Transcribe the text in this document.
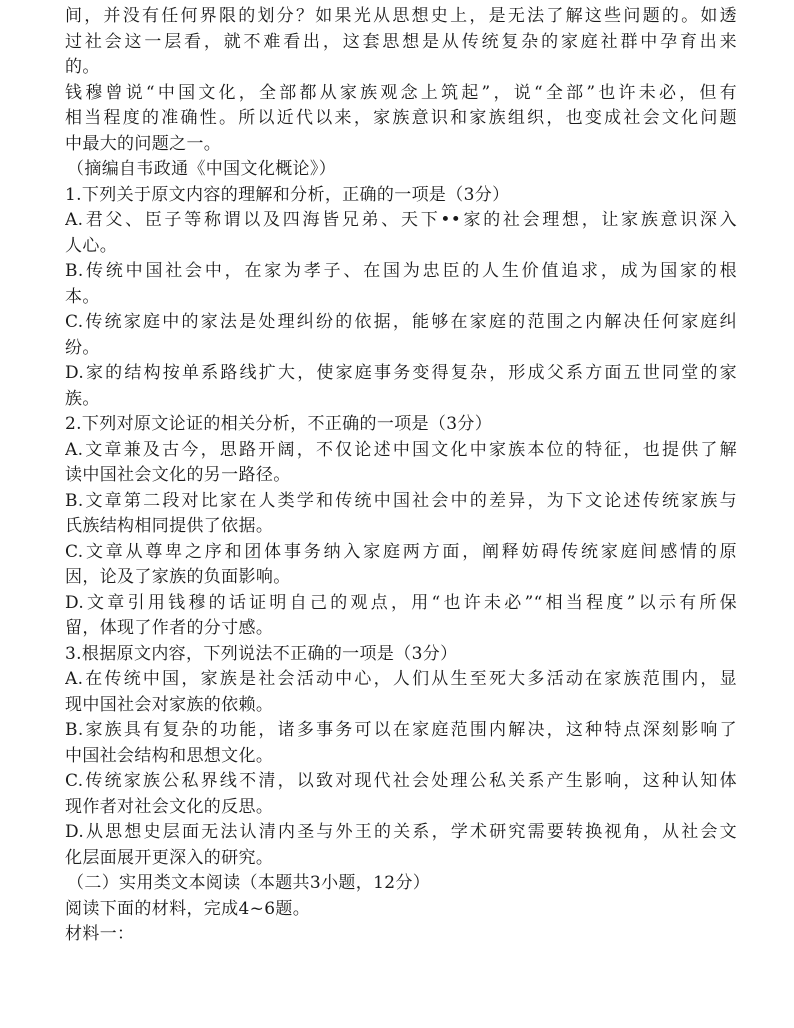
间，并没有任何界限的划分？如果光从思想史上，是无法了解这些问题的。如透
过社会这一层看，就不难看出，这套思想是从传统复杂的家庭社群中孕育出来
的。
钱穆曾说“中国文化，全部都从家族观念上筑起”，说“全部”也许未必，但有
相当程度的准确性。所以近代以来，家族意识和家族组织，也变成社会文化问题
中最大的问题之一。
（摘编自韦政通《中国文化概论》）
1.下列关于原文内容的理解和分析，正确的一项是（3分）
A.君父、臣子等称谓以及四海皆兄弟、天下••家的社会理想，让家族意识深入
人心。
B.传统中国社会中，在家为孝子、在国为忠臣的人生价值追求，成为国家的根
本。
C.传统家庭中的家法是处理纠纷的依据，能够在家庭的范围之内解决任何家庭纠
纷。
D.家的结构按单系路线扩大，使家庭事务变得复杂，形成父系方面五世同堂的家
族。
2.下列对原文论证的相关分析，不正确的一项是（3分）
A.文章兼及古今，思路开阔，不仅论述中国文化中家族本位的特征，也提供了解
读中国社会文化的另一路径。
B.文章第二段对比家在人类学和传统中国社会中的差异，为下文论述传统家族与
氏族结构相同提供了依据。
C.文章从尊卑之序和团体事务纳入家庭两方面，阐释妨碍传统家庭间感情的原
因，论及了家族的负面影响。
D.文章引用钱穆的话证明自己的观点，用“也许未必”“相当程度”以示有所保
留，体现了作者的分寸感。
3.根据原文内容，下列说法不正确的一项是（3分）
A.在传统中国，家族是社会活动中心，人们从生至死大多活动在家族范围内，显
现中国社会对家族的依赖。
B.家族具有复杂的功能，诸多事务可以在家庭范围内解决，这种特点深刻影响了
中国社会结构和思想文化。
C.传统家族公私界线不清，以致对现代社会处理公私关系产生影响，这种认知体
现作者对社会文化的反思。
D.从思想史层面无法认清内圣与外王的关系，学术研究需要转换视角，从社会文
化层面展开更深入的研究。
（二）实用类文本阅读（本题共3小题，12分）
阅读下面的材料，完成4~6题。
材料一：
